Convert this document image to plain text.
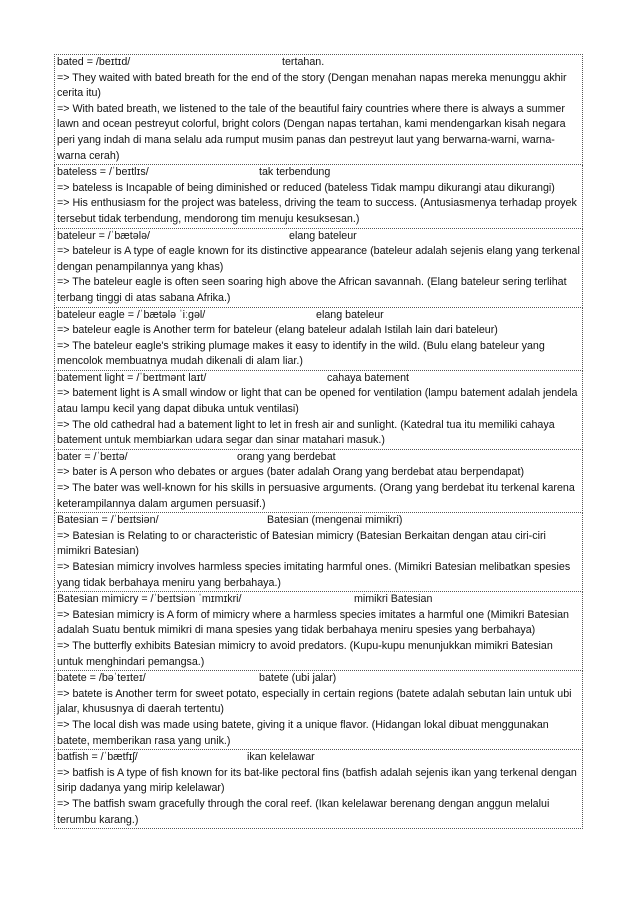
bated = /beɪtɪd/	tertahan.
=> They waited with bated breath for the end of the story (Dengan menahan napas mereka menunggu akhir cerita itu)
=> With bated breath, we listened to the tale of the beautiful fairy countries where there is always a summer lawn and ocean pestreyut colorful, bright colors (Dengan napas tertahan, kami mendengarkan kisah negara peri yang indah di mana selalu ada rumput musim panas dan pestreyut laut yang berwarna-warni, warna-warna cerah)
bateless = /ˈbeɪtlɪs/	tak terbendung
=> bateless is Incapable of being diminished or reduced (bateless Tidak mampu dikurangi atau dikurangi)
=> His enthusiasm for the project was bateless, driving the team to success. (Antusiasmenya terhadap proyek tersebut tidak terbendung, mendorong tim menuju kesuksesan.)
bateleur = /ˈbætələ/	elang bateleur
=> bateleur is A type of eagle known for its distinctive appearance (bateleur adalah sejenis elang yang terkenal dengan penampilannya yang khas)
=> The bateleur eagle is often seen soaring high above the African savannah. (Elang bateleur sering terlihat terbang tinggi di atas sabana Afrika.)
bateleur eagle = /ˈbætələ ˈiːɡəl/	elang bateleur
=> bateleur eagle is Another term for bateleur (elang bateleur adalah Istilah lain dari bateleur)
=> The bateleur eagle's striking plumage makes it easy to identify in the wild. (Bulu elang bateleur yang mencolok membuatnya mudah dikenali di alam liar.)
batement light = /ˈbeɪtmənt laɪt/	cahaya batement
=> batement light is A small window or light that can be opened for ventilation (lampu batement adalah jendela atau lampu kecil yang dapat dibuka untuk ventilasi)
=> The old cathedral had a batement light to let in fresh air and sunlight. (Katedral tua itu memiliki cahaya batement untuk membiarkan udara segar dan sinar matahari masuk.)
bater = /ˈbeɪtə/	orang yang berdebat
=> bater is A person who debates or argues (bater adalah Orang yang berdebat atau berpendapat)
=> The bater was well-known for his skills in persuasive arguments. (Orang yang berdebat itu terkenal karena keterampilannya dalam argumen persuasif.)
Batesian = /ˈbeɪtsiən/	Batesian (mengenai mimikri)
=> Batesian is Relating to or characteristic of Batesian mimicry (Batesian Berkaitan dengan atau ciri-ciri mimikri Batesian)
=> Batesian mimicry involves harmless species imitating harmful ones. (Mimikri Batesian melibatkan spesies yang tidak berbahaya meniru yang berbahaya.)
Batesian mimicry = /ˈbeɪtsiən ˈmɪmɪkri/	mimikri Batesian
=> Batesian mimicry is A form of mimicry where a harmless species imitates a harmful one (Mimikri Batesian adalah Suatu bentuk mimikri di mana spesies yang tidak berbahaya meniru spesies yang berbahaya)
=> The butterfly exhibits Batesian mimicry to avoid predators. (Kupu-kupu menunjukkan mimikri Batesian untuk menghindari pemangsa.)
batete = /bəˈteɪteɪ/	batete (ubi jalar)
=> batete is Another term for sweet potato, especially in certain regions (batete adalah sebutan lain untuk ubi jalar, khususnya di daerah tertentu)
=> The local dish was made using batete, giving it a unique flavor. (Hidangan lokal dibuat menggunakan batete, memberikan rasa yang unik.)
batfish = /ˈbætfɪʃ/	ikan kelelawar
=> batfish is A type of fish known for its bat-like pectoral fins (batfish adalah sejenis ikan yang terkenal dengan sirip dadanya yang mirip kelelawar)
=> The batfish swam gracefully through the coral reef. (Ikan kelelawar berenang dengan anggun melalui terumbu karang.)
